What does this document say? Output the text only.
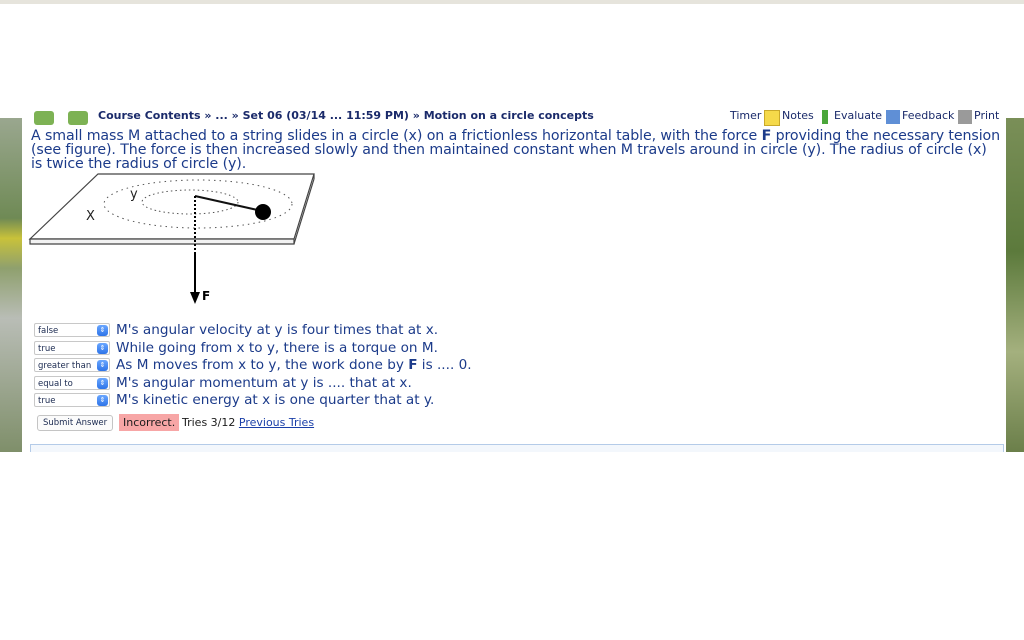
Course Contents » ... » Set 06 (03/14 ... 11:59 PM) » Motion on a circle concepts	Timer Notes Evaluate Feedback Print
A small mass M attached to a string slides in a circle (x) on a frictionless horizontal table, with the force F providing the necessary tension (see figure). The force is then increased slowly and then maintained constant when M travels around in circle (y). The radius of circle (x) is twice the radius of circle (y).
X
y
F
false	⇕ M's angular velocity at y is four times that at x.
true	⇕ While going from x to y, there is a torque on M.
greater than	⇕ As M moves from x to y, the work done by F is .... 0.
equal to	⇕ M's angular momentum at y is .... that at x.
true	⇕ M's kinetic energy at x is one quarter that at y.
Submit Answer	Incorrect. Tries 3/12 Previous Tries
